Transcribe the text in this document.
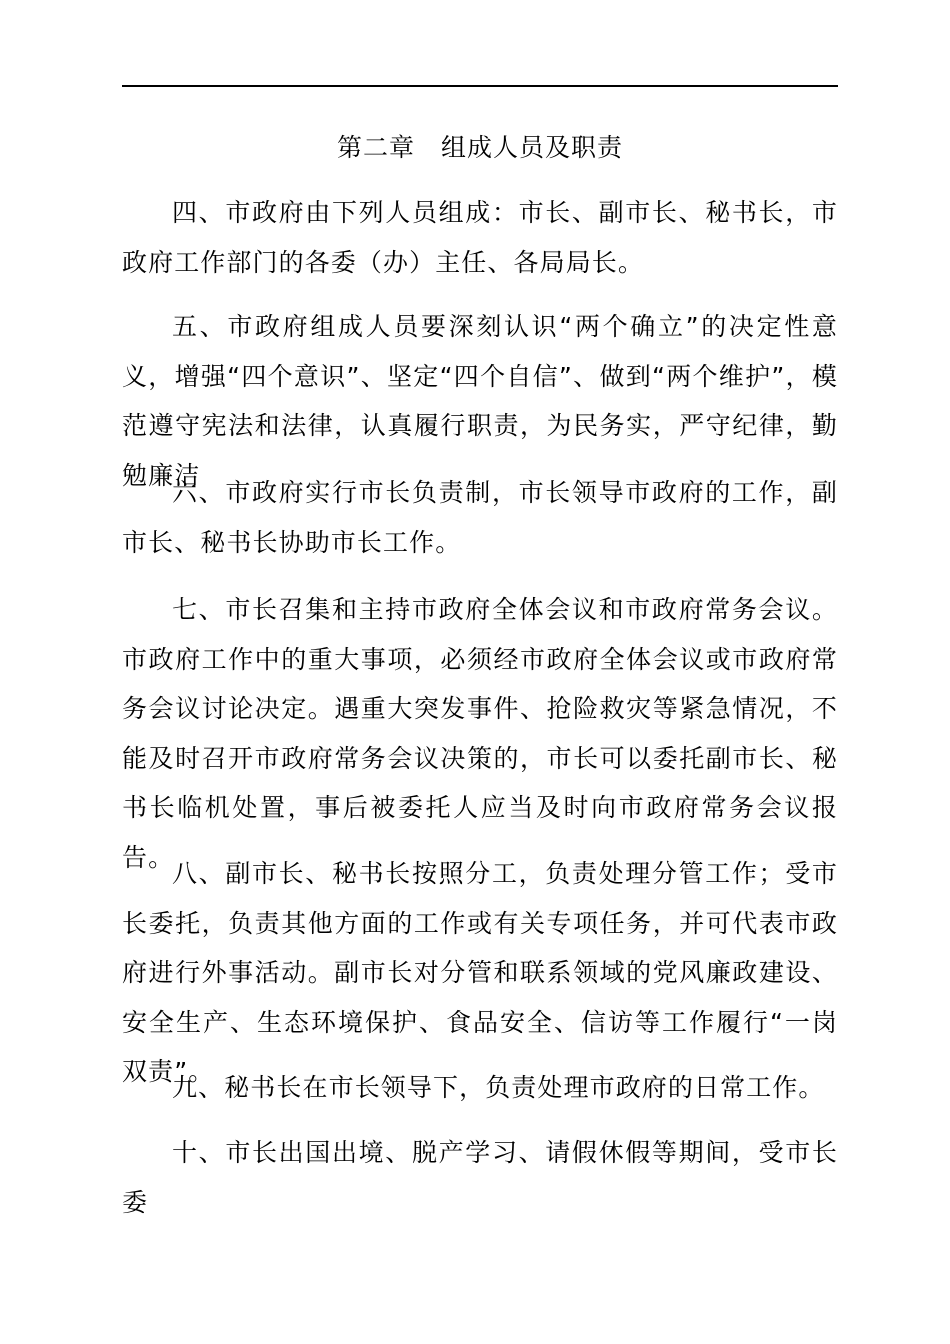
第二章　组成人员及职责

四、市政府由下列人员组成：市长、副市长、秘书长，市政府工作部门的各委（办）主任、各局局长。

五、市政府组成人员要深刻认识“两个确立”的决定性意义，增强“四个意识”、坚定“四个自信”、做到“两个维护”，模范遵守宪法和法律，认真履行职责，为民务实，严守纪律，勤勉廉洁

六、市政府实行市长负责制，市长领导市政府的工作，副市长、秘书长协助市长工作。

七、市长召集和主持市政府全体会议和市政府常务会议。市政府工作中的重大事项，必须经市政府全体会议或市政府常务会议讨论决定。遇重大突发事件、抢险救灾等紧急情况，不能及时召开市政府常务会议决策的，市长可以委托副市长、秘书长临机处置，事后被委托人应当及时向市政府常务会议报告。

八、副市长、秘书长按照分工，负责处理分管工作；受市长委托，负责其他方面的工作或有关专项任务，并可代表市政府进行外事活动。副市长对分管和联系领域的党风廉政建设、安全生产、生态环境保护、食品安全、信访等工作履行“一岗双责”。

九、秘书长在市长领导下，负责处理市政府的日常工作。

十、市长出国出境、脱产学习、请假休假等期间，受市长委
